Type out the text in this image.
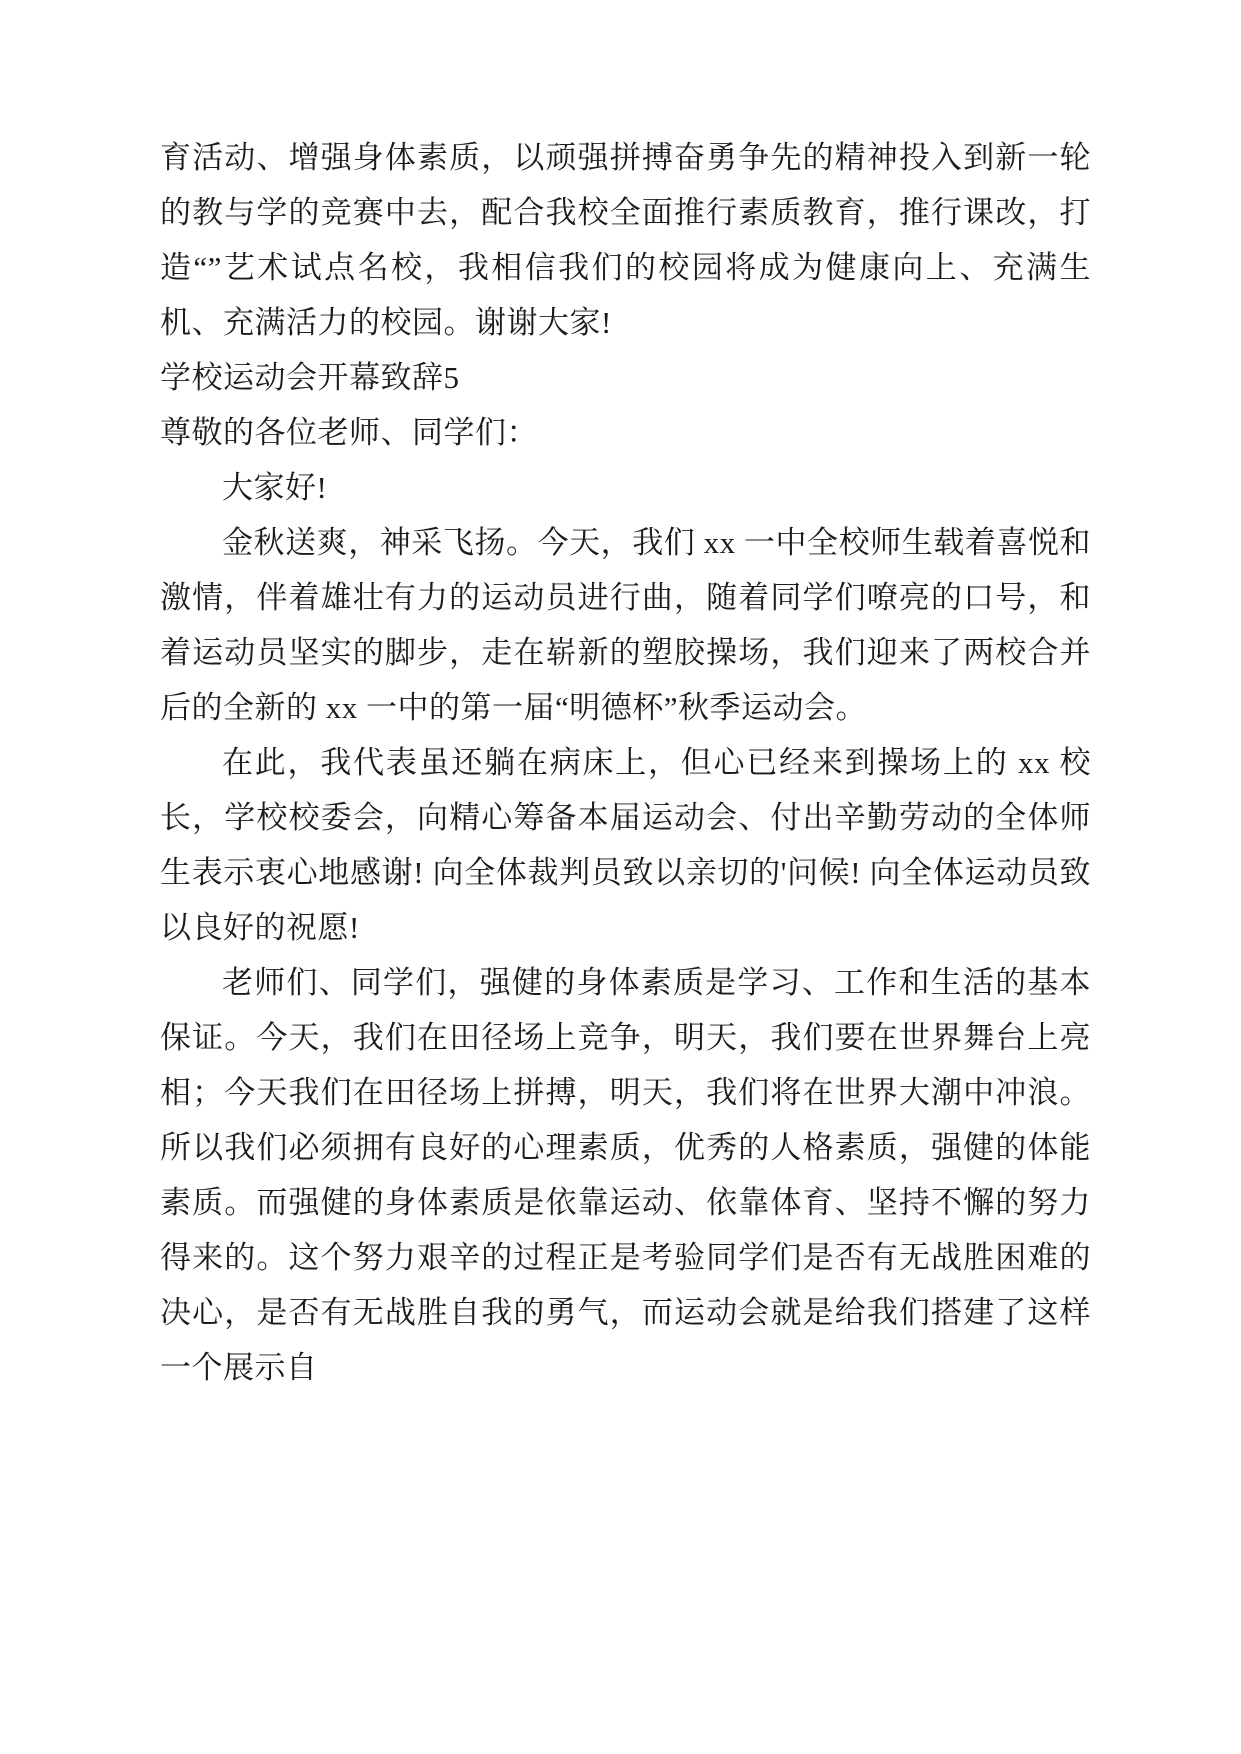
育活动、增强身体素质，以顽强拼搏奋勇争先的精神投入到新一轮的教与学的竞赛中去，配合我校全面推行素质教育，推行课改，打造“”艺术试点名校，我相信我们的校园将成为健康向上、充满生机、充满活力的校园。谢谢大家!

学校运动会开幕致辞5

尊敬的各位老师、同学们：

大家好!

金秋送爽，神采飞扬。今天，我们 xx 一中全校师生载着喜悦和激情，伴着雄壮有力的运动员进行曲，随着同学们嘹亮的口号，和着运动员坚实的脚步，走在崭新的塑胶操场，我们迎来了两校合并后的全新的 xx 一中的第一届“明德杯”秋季运动会。

在此，我代表虽还躺在病床上，但心已经来到操场上的 xx 校长，学校校委会，向精心筹备本届运动会、付出辛勤劳动的全体师生表示衷心地感谢! 向全体裁判员致以亲切的'问候! 向全体运动员致以良好的祝愿!

老师们、同学们，强健的身体素质是学习、工作和生活的基本保证。今天，我们在田径场上竞争，明天，我们要在世界舞台上亮相；今天我们在田径场上拼搏，明天，我们将在世界大潮中冲浪。所以我们必须拥有良好的心理素质，优秀的人格素质，强健的体能素质。而强健的身体素质是依靠运动、依靠体育、坚持不懈的努力得来的。这个努力艰辛的过程正是考验同学们是否有无战胜困难的决心，是否有无战胜自我的勇气，而运动会就是给我们搭建了这样一个展示自
